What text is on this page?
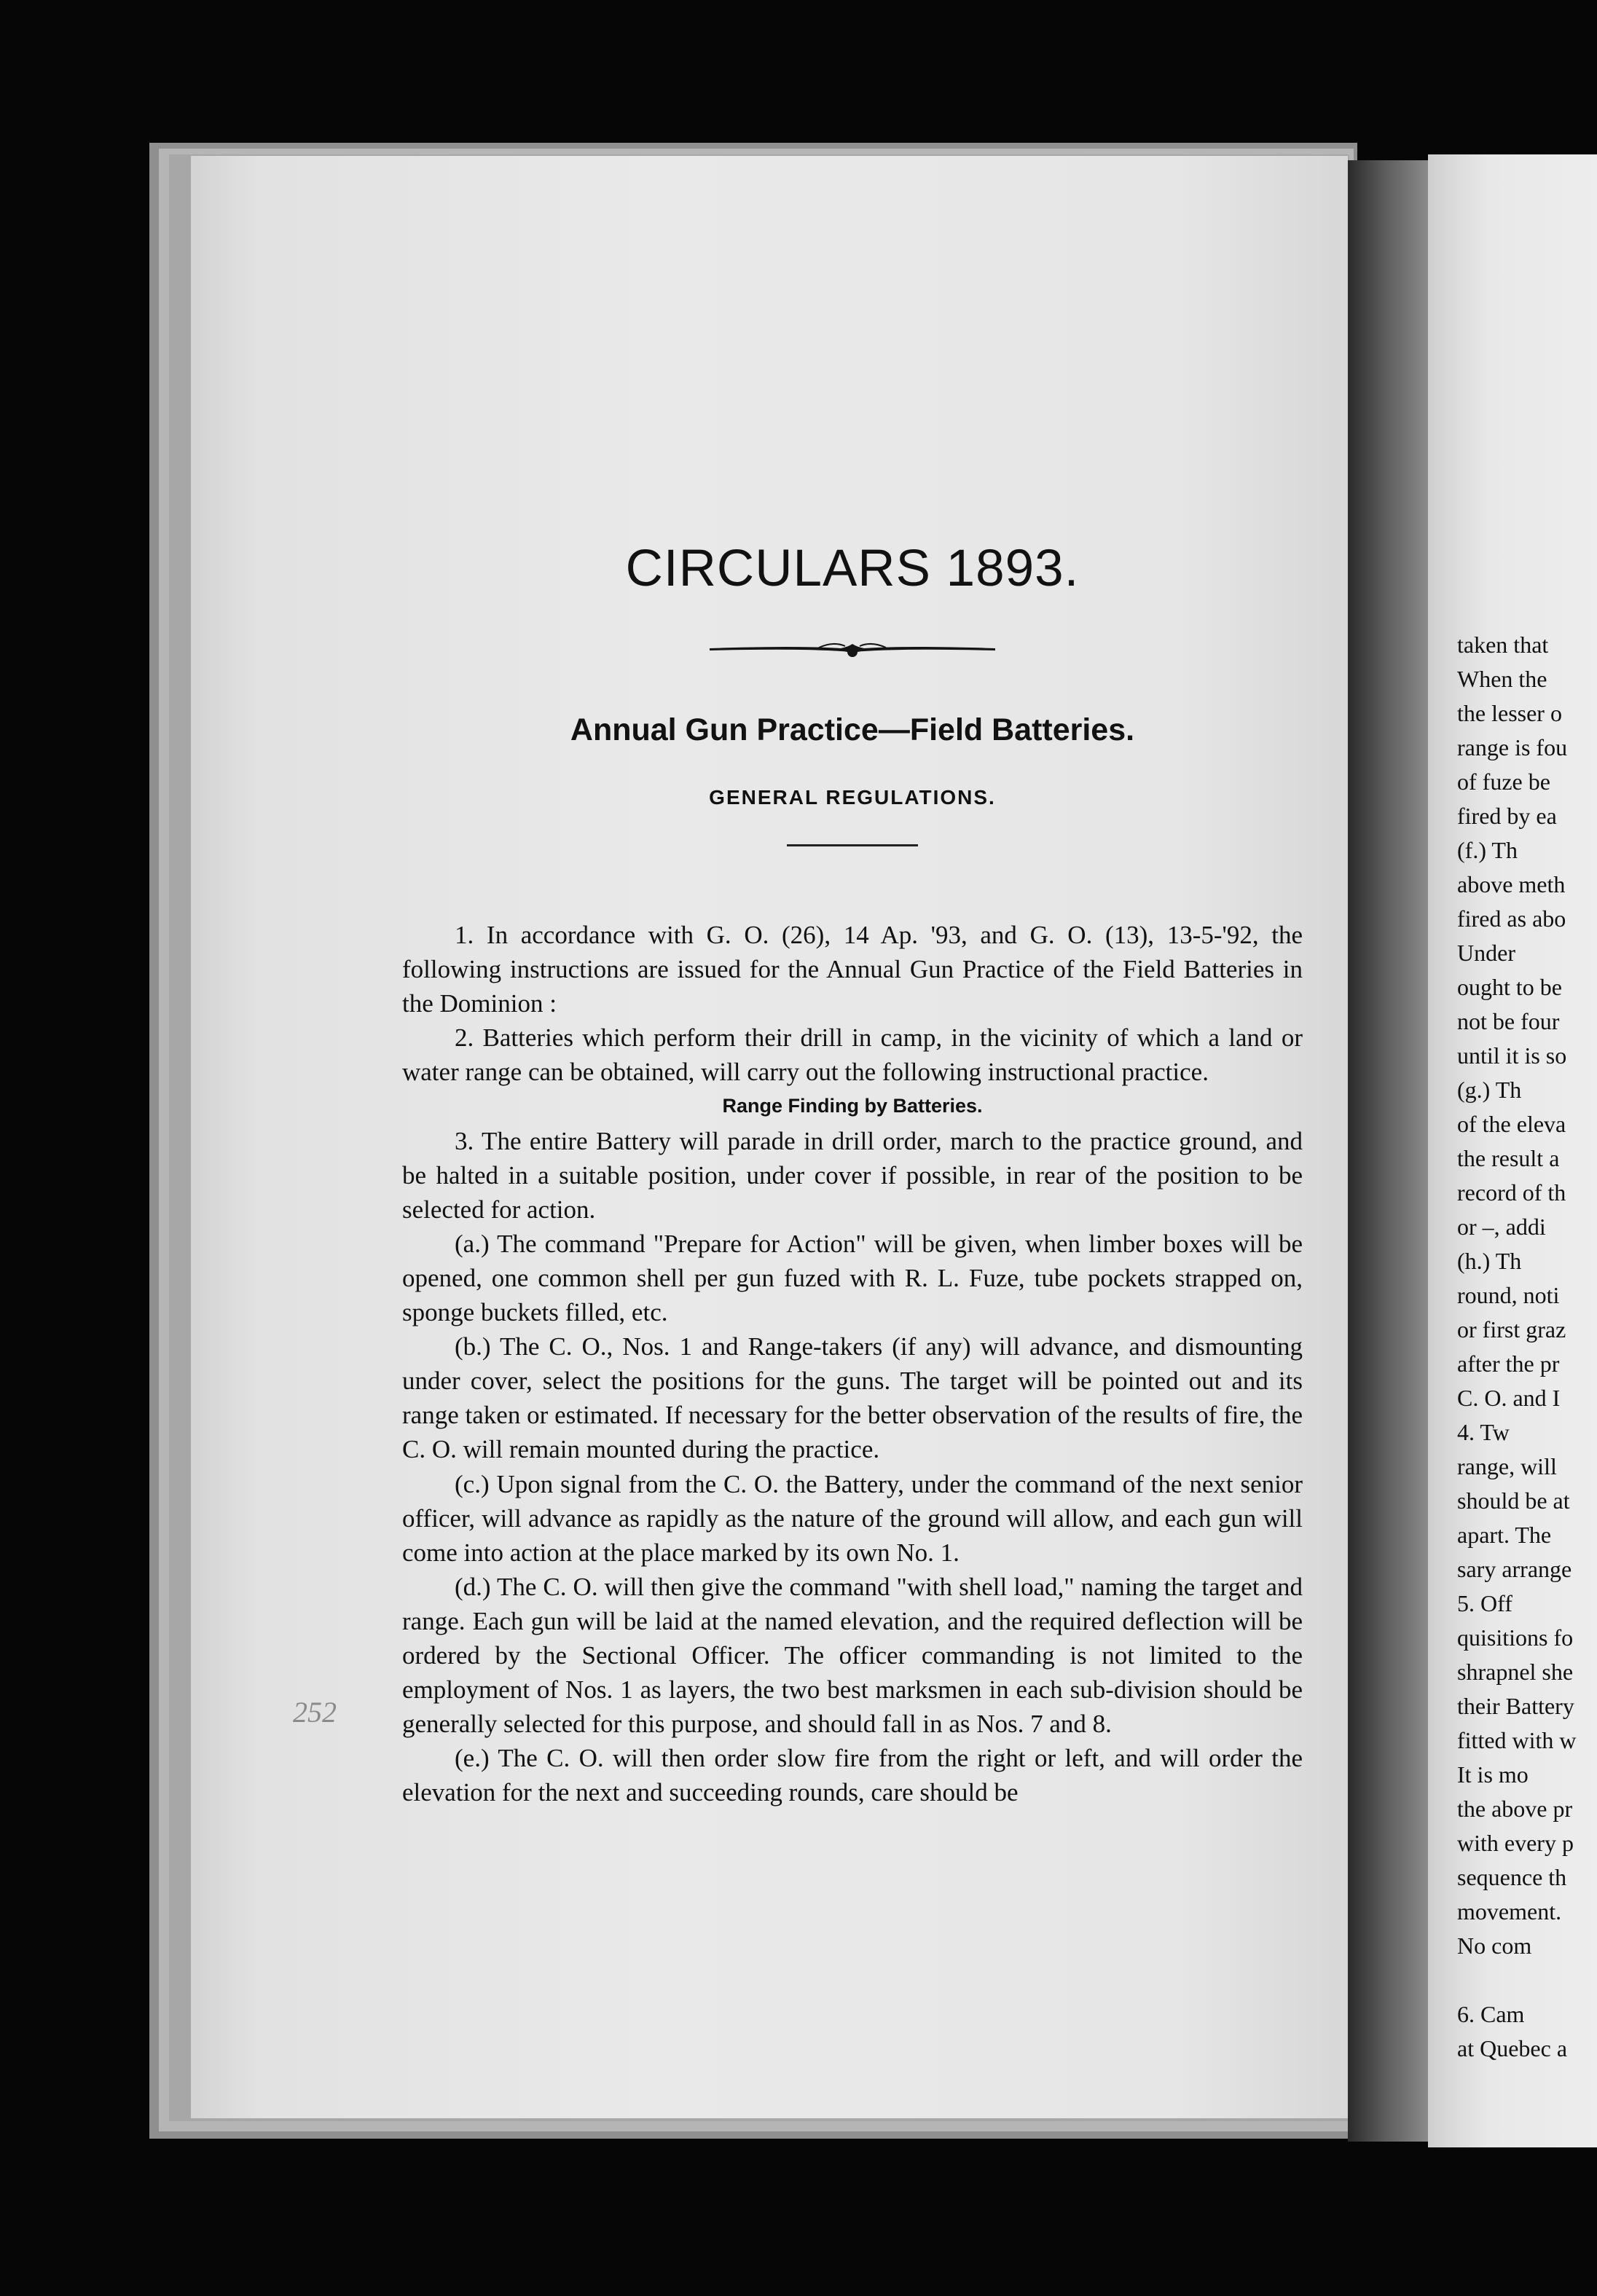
taken that
When the
the lesser o
range is fou
of fuze be
fired by ea
(f.) Th
above meth
fired as abo
Under
ought to be
not be four
until it is so
(g.) Th
of the eleva
the result a
record of th
or –, addi
(h.) Th
round, noti
or first graz
after the pr
C. O. and I
4. Tw
range, will
should be at
apart. The
sary arrange
5. Off
quisitions fo
shrapnel she
their Battery
fitted with w
It is mo
the above pr
with every p
sequence th
movement.
No com
6. Cam
at Quebec a
CIRCULARS 1893.
Annual Gun Practice—Field Batteries.
GENERAL REGULATIONS.

1. In accordance with G. O. (26), 14 Ap. '93, and G. O. (13), 13-5-'92, the following instructions are issued for the Annual Gun Practice of the Field Batteries in the Dominion :

2. Batteries which perform their drill in camp, in the vicinity of which a land or water range can be obtained, will carry out the following instructional practice.

Range Finding by Batteries.

3. The entire Battery will parade in drill order, march to the practice ground, and be halted in a suitable position, under cover if possible, in rear of the position to be selected for action.

(a.) The command "Prepare for Action" will be given, when limber boxes will be opened, one common shell per gun fuzed with R. L. Fuze, tube pockets strapped on, sponge buckets filled, etc.

(b.) The C. O., Nos. 1 and Range-takers (if any) will advance, and dismounting under cover, select the positions for the guns. The target will be pointed out and its range taken or estimated. If necessary for the better observation of the results of fire, the C. O. will remain mounted during the practice.

(c.) Upon signal from the C. O. the Battery, under the command of the next senior officer, will advance as rapidly as the nature of the ground will allow, and each gun will come into action at the place marked by its own No. 1.

(d.) The C. O. will then give the command "with shell load," naming the target and range. Each gun will be laid at the named elevation, and the required deflection will be ordered by the Sectional Officer. The officer commanding is not limited to the employment of Nos. 1 as layers, the two best marksmen in each sub-division should be generally selected for this purpose, and should fall in as Nos. 7 and 8.

(e.) The C. O. will then order slow fire from the right or left, and will order the elevation for the next and succeeding rounds, care should be

252
